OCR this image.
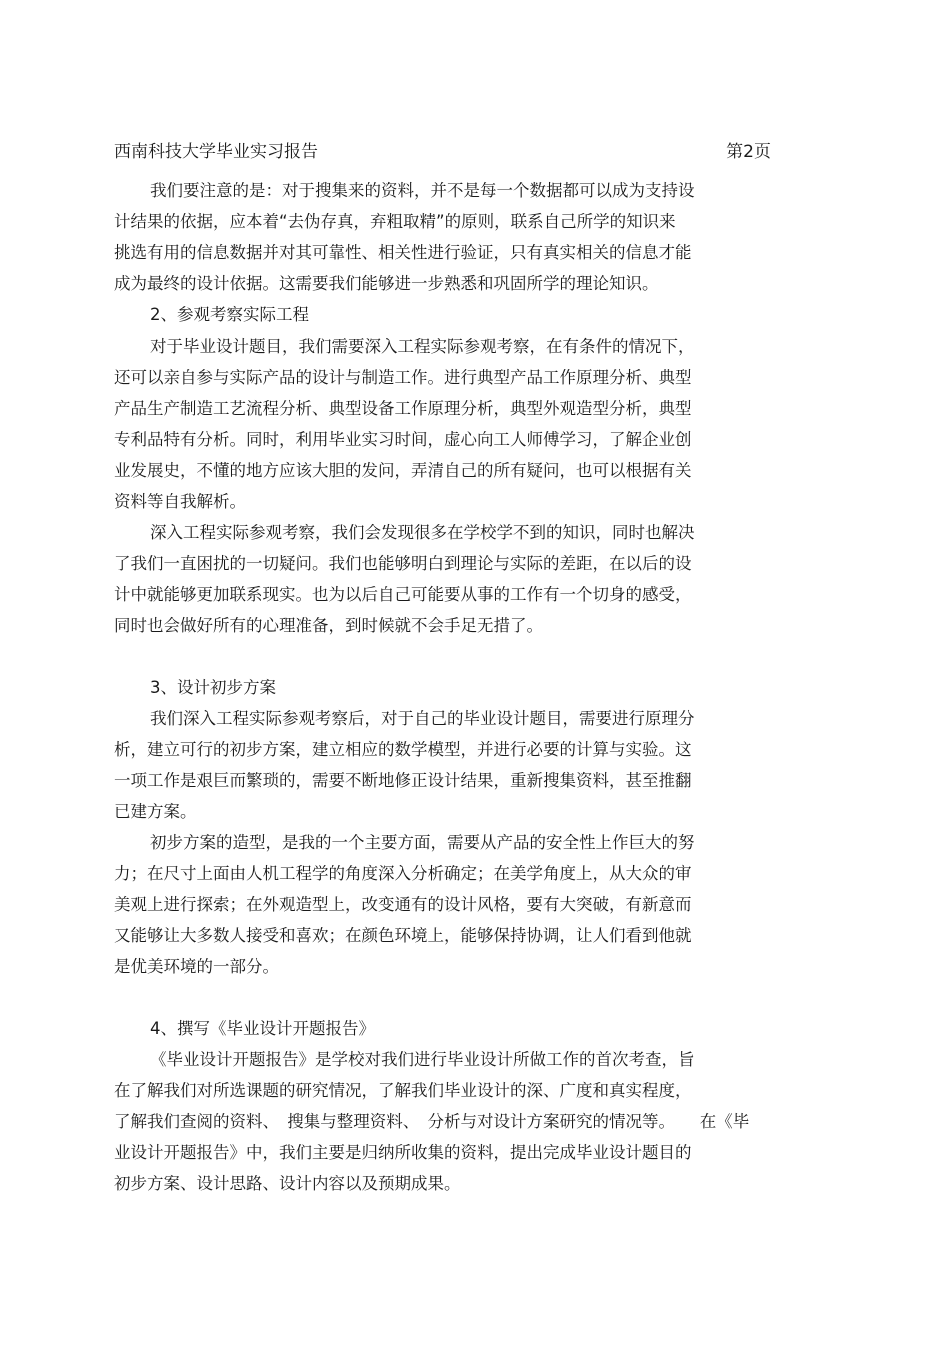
西南科技大学毕业实习报告	第2页
我们要注意的是：对于搜集来的资料，并不是每一个数据都可以成为支持设
计结果的依据，应本着“去伪存真，弃粗取精”的原则，联系自己所学的知识来
挑选有用的信息数据并对其可靠性、相关性进行验证，只有真实相关的信息才能
成为最终的设计依据。这需要我们能够进一步熟悉和巩固所学的理论知识。
2、参观考察实际工程
对于毕业设计题目，我们需要深入工程实际参观考察，在有条件的情况下，
还可以亲自参与实际产品的设计与制造工作。进行典型产品工作原理分析、典型
产品生产制造工艺流程分析、典型设备工作原理分析，典型外观造型分析，典型
专利品特有分析。同时，利用毕业实习时间，虚心向工人师傅学习，了解企业创
业发展史，不懂的地方应该大胆的发问，弄清自己的所有疑问，也可以根据有关
资料等自我解析。
深入工程实际参观考察，我们会发现很多在学校学不到的知识，同时也解决
了我们一直困扰的一切疑问。我们也能够明白到理论与实际的差距，在以后的设
计中就能够更加联系现实。也为以后自己可能要从事的工作有一个切身的感受，
同时也会做好所有的心理准备，到时候就不会手足无措了。
3、设计初步方案
我们深入工程实际参观考察后，对于自己的毕业设计题目，需要进行原理分
析，建立可行的初步方案，建立相应的数学模型，并进行必要的计算与实验。这
一项工作是艰巨而繁琐的，需要不断地修正设计结果，重新搜集资料，甚至推翻
已建方案。
初步方案的造型，是我的一个主要方面，需要从产品的安全性上作巨大的努
力；在尺寸上面由人机工程学的角度深入分析确定；在美学角度上，从大众的审
美观上进行探索；在外观造型上，改变通有的设计风格，要有大突破，有新意而
又能够让大多数人接受和喜欢；在颜色环境上，能够保持协调，让人们看到他就
是优美环境的一部分。
4、撰写《毕业设计开题报告》
《毕业设计开题报告》是学校对我们进行毕业设计所做工作的首次考查，旨
在了解我们对所选课题的研究情况，了解我们毕业设计的深、广度和真实程度，
了解我们查阅的资料、　搜集与整理资料、　分析与对设计方案研究的情况等。　　在《毕
业设计开题报告》中，我们主要是归纳所收集的资料，提出完成毕业设计题目的
初步方案、设计思路、设计内容以及预期成果。
